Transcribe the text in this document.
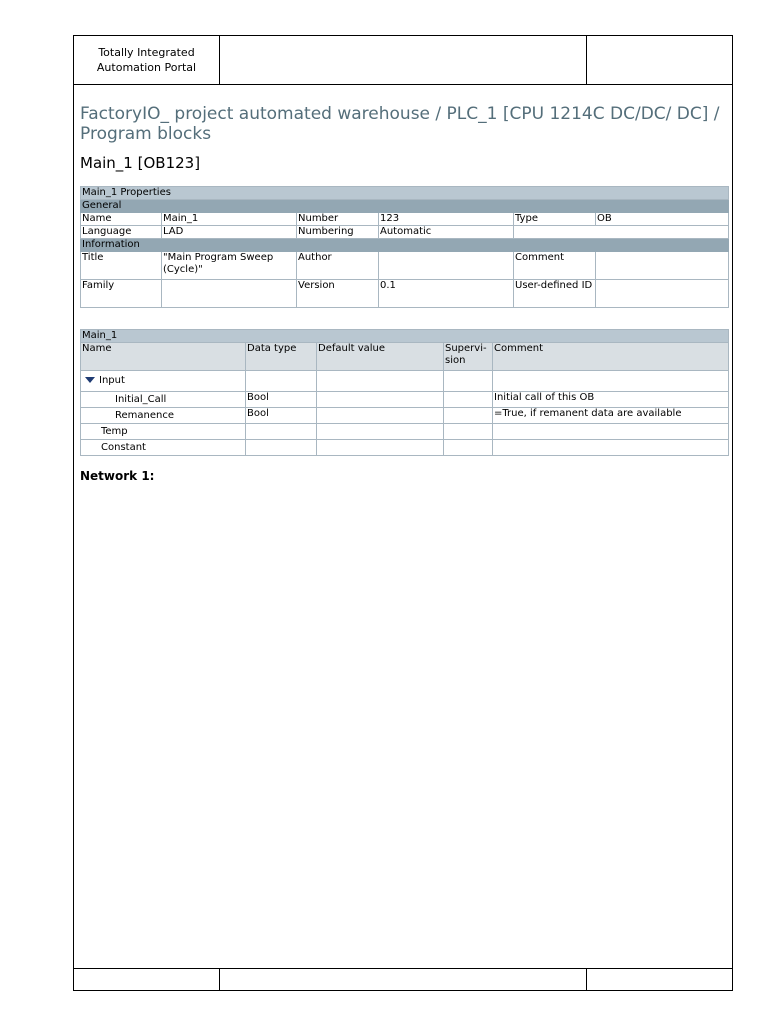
Totally Integrated
Automation Portal
FactoryIO_ project automated warehouse / PLC_1 [CPU 1214C DC/DC/ DC] / Program blocks
Main_1 [OB123]
Main_1 Properties					
General					
Name	Main_1	Number	123	Type	OB
Language	LAD	Numbering	Automatic		
Information					
Title	"Main Program Sweep (Cycle)"	Author		Comment	
Family		Version	0.1	User-defined ID	
Main_1				
Name	Data type	Default value	Supervi-sion	Comment
Input				
Initial_Call	Bool			Initial call of this OB
Remanence	Bool			=True, if remanent data are available
Temp				
Constant				
Network 1:
